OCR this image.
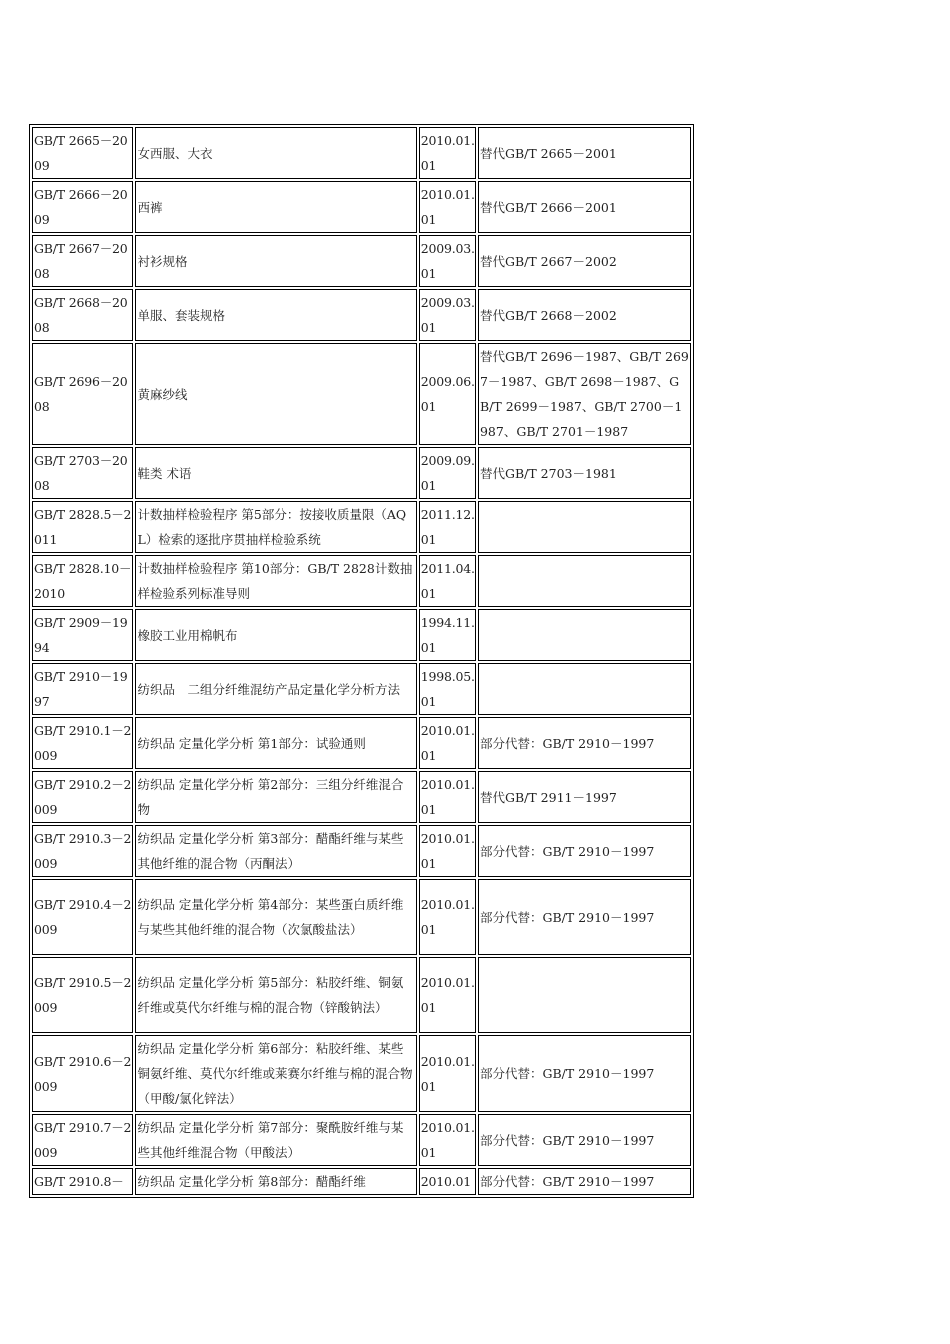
GB/T 2665－2009	女西服、大衣	2010.01.01	替代GB/T 2665－2001
GB/T 2666－2009	西裤	2010.01.01	替代GB/T 2666－2001
GB/T 2667－2008	衬衫规格	2009.03.01	替代GB/T 2667－2002
GB/T 2668－2008	单服、套装规格	2009.03.01	替代GB/T 2668－2002
GB/T 2696－2008	黄麻纱线	2009.06.01	替代GB/T 2696－1987、GB/T 2697－1987、GB/T 2698－1987、GB/T 2699－1987、GB/T 2700－1987、GB/T 2701－1987
GB/T 2703－2008	鞋类 术语	2009.09.01	替代GB/T 2703－1981
GB/T 2828.5－2011	计数抽样检验程序 第5部分：按接收质量限（AQL）检索的逐批序贯抽样检验系统	2011.12.01	
GB/T 2828.10－2010	计数抽样检验程序 第10部分：GB/T 2828计数抽样检验系列标准导则	2011.04.01	
GB/T 2909－1994	橡胶工业用棉帆布	1994.11.01	
GB/T 2910－1997	纺织品　二组分纤维混纺产品定量化学分析方法	1998.05.01	
GB/T 2910.1－2009	纺织品 定量化学分析 第1部分：试验通则	2010.01.01	部分代替：GB/T 2910－1997
GB/T 2910.2－2009	纺织品 定量化学分析 第2部分：三组分纤维混合物	2010.01.01	替代GB/T 2911－1997
GB/T 2910.3－2009	纺织品 定量化学分析 第3部分：醋酯纤维与某些其他纤维的混合物（丙酮法）	2010.01.01	部分代替：GB/T 2910－1997
GB/T 2910.4－2009	纺织品 定量化学分析 第4部分：某些蛋白质纤维与某些其他纤维的混合物（次氯酸盐法）	2010.01.01	部分代替：GB/T 2910－1997
GB/T 2910.5－2009	纺织品 定量化学分析 第5部分：粘胶纤维、铜氨纤维或莫代尔纤维与棉的混合物（锌酸钠法）	2010.01.01	
GB/T 2910.6－2009	纺织品 定量化学分析 第6部分：粘胶纤维、某些铜氨纤维、莫代尔纤维或莱赛尔纤维与棉的混合物（甲酸/氯化锌法）	2010.01.01	部分代替：GB/T 2910－1997
GB/T 2910.7－2009	纺织品 定量化学分析 第7部分：聚酰胺纤维与某些其他纤维混合物（甲酸法）	2010.01.01	部分代替：GB/T 2910－1997
GB/T 2910.8－	纺织品 定量化学分析 第8部分：醋酯纤维	2010.01	部分代替：GB/T 2910－1997
